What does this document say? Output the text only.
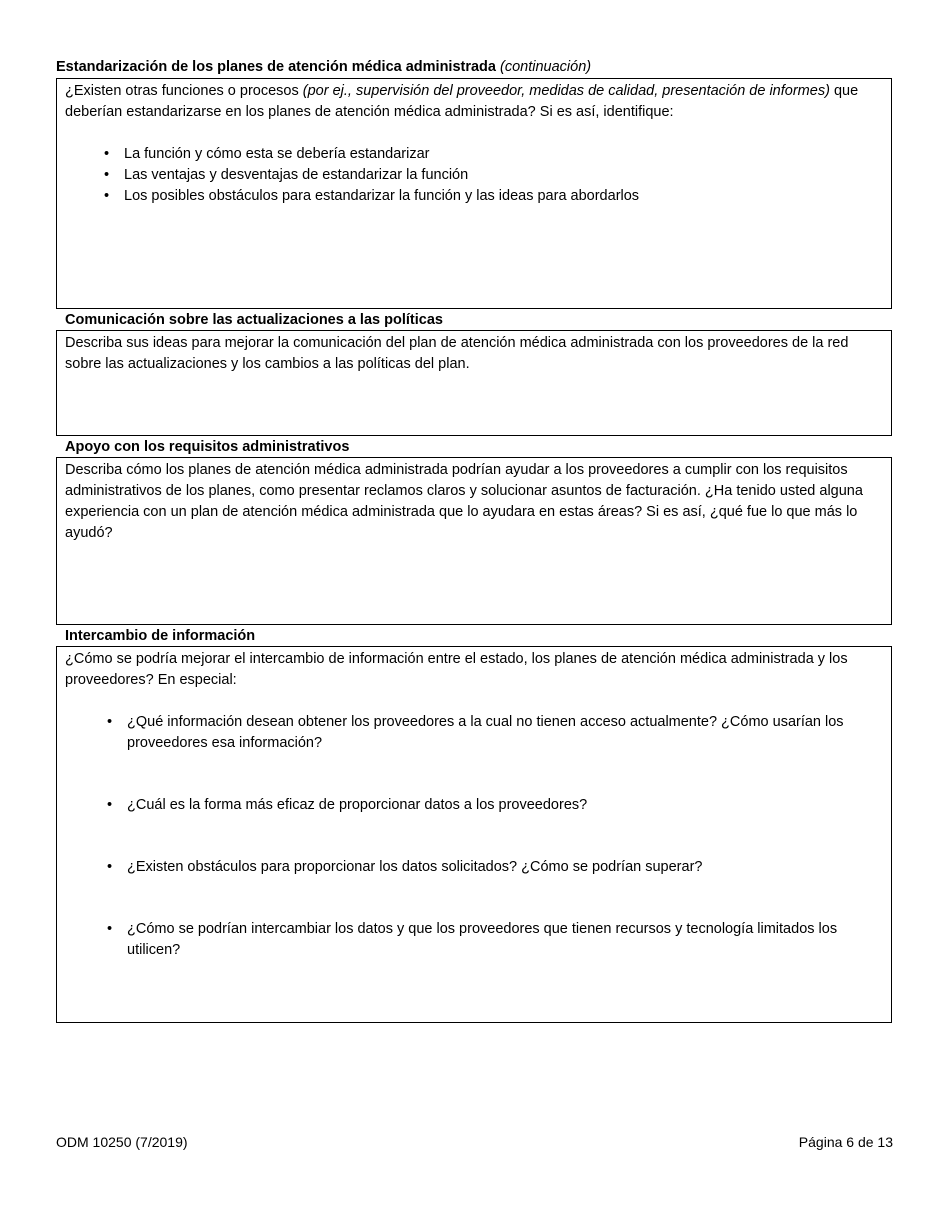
Estandarización de los planes de atención médica administrada (continuación)

¿Existen otras funciones o procesos (por ej., supervisión del proveedor, medidas de calidad, presentación de informes) que deberían estandarizarse en los planes de atención médica administrada? Si es así, identifique:

• La función y cómo esta se debería estandarizar
• Las ventajas y desventajas de estandarizar la función
• Los posibles obstáculos para estandarizar la función y las ideas para abordarlos
Comunicación sobre las actualizaciones a las políticas

Describa sus ideas para mejorar la comunicación del plan de atención médica administrada con los proveedores de la red sobre las actualizaciones y los cambios a las políticas del plan.

Apoyo con los requisitos administrativos

Describa cómo los planes de atención médica administrada podrían ayudar a los proveedores a cumplir con los requisitos administrativos de los planes, como presentar reclamos claros y solucionar asuntos de facturación. ¿Ha tenido usted alguna experiencia con un plan de atención médica administrada que lo ayudara en estas áreas? Si es así, ¿qué fue lo que más lo ayudó?

Intercambio de información

¿Cómo se podría mejorar el intercambio de información entre el estado, los planes de atención médica administrada y los proveedores? En especial:

• ¿Qué información desean obtener los proveedores a la cual no tienen acceso actualmente? ¿Cómo usarían los proveedores esa información?
• ¿Cuál es la forma más eficaz de proporcionar datos a los proveedores?
• ¿Existen obstáculos para proporcionar los datos solicitados? ¿Cómo se podrían superar?
• ¿Cómo se podrían intercambiar los datos y que los proveedores que tienen recursos y tecnología limitados los utilicen?
ODM 10250 (7/2019)	Página 6 de 13
